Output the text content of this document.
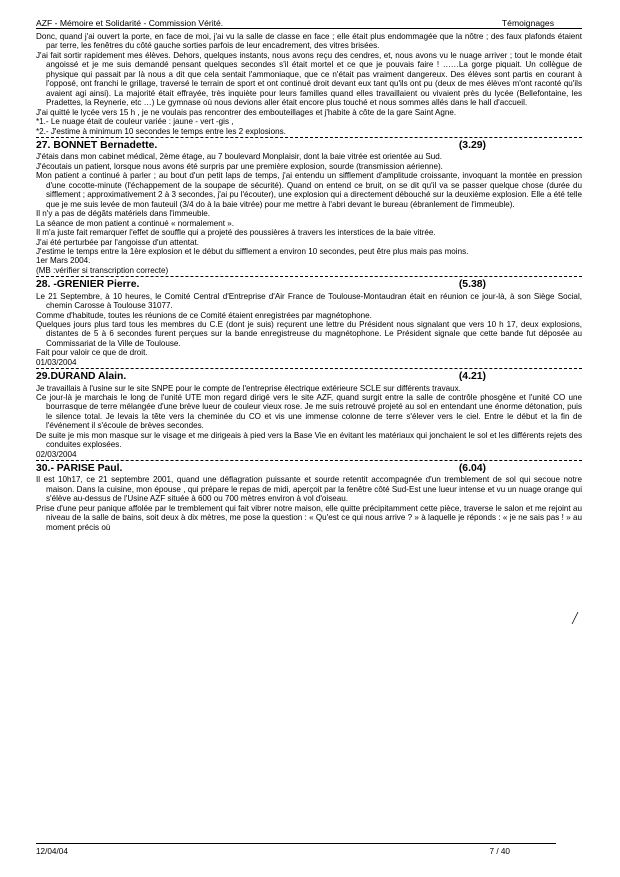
AZF - Mémoire et Solidarité - Commission Vérité.	Témoignages

Donc, quand j'ai ouvert la porte, en face de moi, j'ai vu la salle de classe en face ; elle était plus endommagée que la nôtre ; des faux plafonds étaient par terre, les fenêtres du côté gauche sorties parfois de leur encadrement, des vitres brisées.

J'ai fait sortir rapidement mes élèves. Dehors, quelques instants, nous avons reçu des cendres, et, nous avons vu le nuage arriver ; tout le monde était angoissé et je me suis demandé pensant quelques secondes s'il était mortel et ce que je pouvais faire ! ……La gorge piquait. Un collègue de physique qui passait par là nous a dit que cela sentait l'ammoniaque, que ce n'était pas vraiment dangereux. Des élèves sont partis en courant à l'opposé, ont franchi le grillage, traversé le terrain de sport et ont continué droit devant eux tant qu'ils ont pu (deux de mes élèves m'ont raconté qu'ils avaient agi ainsi). La majorité était effrayée, très inquiète pour leurs familles quand elles travaillaient ou vivaient près du lycée (Bellefontaine, les Pradettes, la Reynerie, etc …) Le gymnase où nous devions aller était encore plus touché et nous sommes allés dans le hall d'accueil.

J'ai quitté le lycée vers 15 h , je ne voulais pas rencontrer des embouteillages et j'habite à côte de la gare Saint Agne.

*1.- Le nuage était de couleur variée : jaune - vert -gis ,

*2.- J'estime à minimum 10 secondes le temps entre les 2 explosions.

27. BONNET Bernadette.	(3.29)

J'étais dans mon cabinet médical, 2ème étage, au 7 boulevard Monplaisir, dont la baie vitrée est orientée au Sud.

J'écoutais un patient, lorsque nous avons été surpris par une première explosion, sourde (transmission aérienne).

Mon patient a continué à parler ; au bout d'un petit laps de temps, j'ai entendu un sifflement d'amplitude croissante, invoquant la montée en pression d'une cocotte-minute (l'échappement de la soupape de sécurité). Quand on entend ce bruit, on se dit qu'il va se passer quelque chose (durée du sifflement ; approximativement 2 à 3 secondes, j'ai pu l'écouter), une explosion qui a directement débouché sur la deuxième explosion. Elle a été telle que je me suis levée de mon fauteuil (3/4 do à la baie vitrée) pour me mettre à l'abri devant le bureau (ébranlement de l'immeuble).

Il n'y a pas de dégâts matériels dans l'immeuble.

La séance de mon patient a continué « normalement ».

Il m'a juste fait remarquer l'effet de souffle qui a projeté des poussières à travers les interstices de la baie vitrée.

J'ai été perturbée par l'angoisse d'un attentat.

J'estime le temps entre la 1ère explosion et le début du sifflement a environ 10 secondes, peut être plus mais pas moins.

1er Mars 2004.

(MB :vérifier si transcription correcte)

28. -GRENIER Pierre.	(5.38)

Le 21 Septembre, à 10 heures, le Comité Central d'Entreprise d'Air France de Toulouse-Montaudran était en réunion ce jour-là, à son Siège Social, chemin Carosse à Toulouse 31077.

Comme d'habitude, toutes les réunions de ce Comité étaient enregistrées par magnétophone.

Quelques jours plus tard tous les membres du C.E (dont je suis) reçurent une lettre du Président nous signalant que vers 10 h 17, deux explosions, distantes de 5 à 6 secondes furent perçues sur la bande enregistreuse du magnétophone. Le Président signale que cette bande fut déposée au Commissariat de la Ville de Toulouse.

Fait pour valoir ce que de droit.

01/03/2004

29.DURAND Alain.	(4.21)

Je travaillais à l'usine sur le site SNPE pour le compte de l'entreprise électrique extérieure SCLE sur différents travaux.

Ce jour-là je marchais le long de l'unité UTE mon regard dirigé vers le site AZF, quand surgit entre la salle de contrôle phosgène et l'unité CO une bourrasque de terre mélangée d'une brève lueur de couleur vieux rose. Je me suis retrouvé projeté au sol en entendant une énorme détonation, puis le silence total. Je levais la tête vers la cheminée du CO et vis une immense colonne de terre s'élever vers le ciel. Entre le début et la fin de l'événement il s'écoule de brèves secondes.

De suite je mis mon masque sur le visage et me dirigeais à pied vers la Base Vie en évitant les matériaux qui jonchaient le sol et les différents rejets des conduites explosées.

02/03/2004

30.- PARISE Paul.	(6.04)

Il est 10h17, ce 21 septembre 2001, quand une déflagration puissante et sourde retentit accompagnée d'un tremblement de sol qui secoue notre maison. Dans la cuisine, mon épouse , qui prépare le repas de midi, aperçoit par la fenêtre côté Sud-Est une lueur intense et vu un nuage orange qui s'élève au-dessus de l'Usine AZF située à 600 ou 700 mètres environ à vol d'oiseau.

Prise d'une peur panique affolée par le tremblement qui fait vibrer notre maison, elle quitte précipitamment cette pièce, traverse le salon et me rejoint au niveau de la salle de bains, soit deux à dix mètres, me pose la question : « Qu'est ce qui nous arrive ? » à laquelle je réponds : « je ne sais pas ! » au moment précis où

12/04/04	7 / 40
